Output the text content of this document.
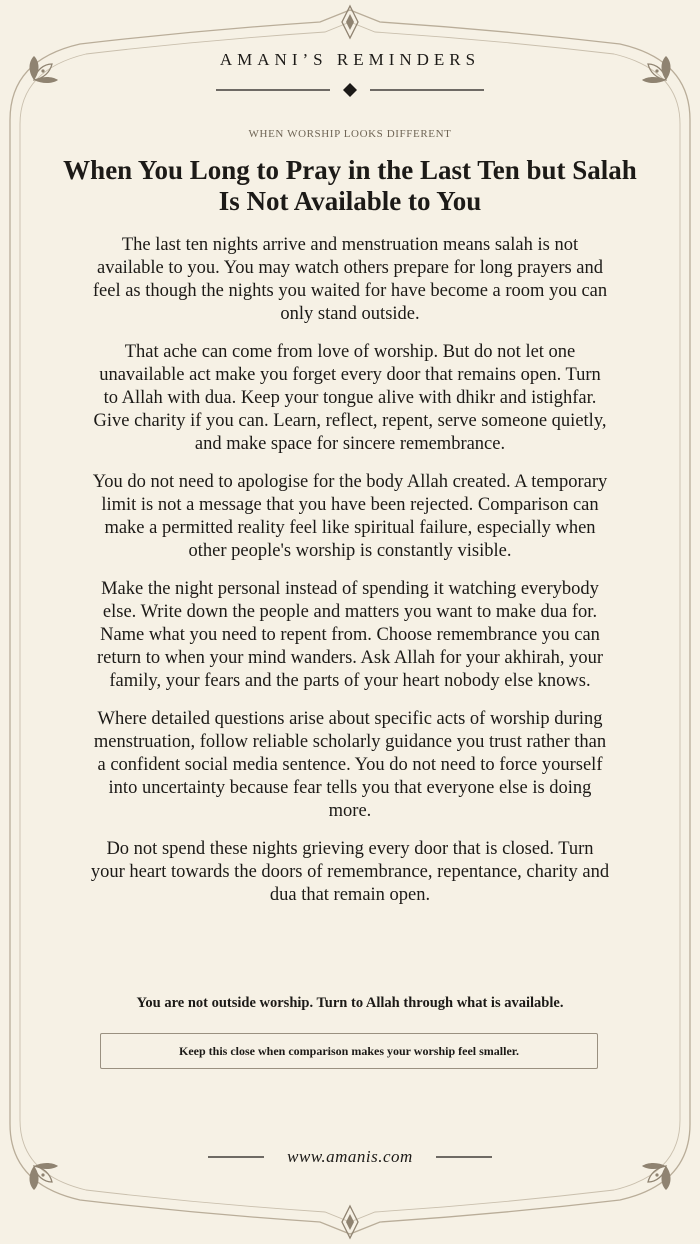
AMANI’S REMINDERS
WHEN WORSHIP LOOKS DIFFERENT
When You Long to Pray in the Last Ten but Salah Is Not Available to You

The last ten nights arrive and menstruation means salah is not available to you. You may watch others prepare for long prayers and feel as though the nights you waited for have become a room you can only stand outside.

That ache can come from love of worship. But do not let one unavailable act make you forget every door that remains open. Turn to Allah with dua. Keep your tongue alive with dhikr and istighfar. Give charity if you can. Learn, reflect, repent, serve someone quietly, and make space for sincere remembrance.

You do not need to apologise for the body Allah created. A temporary limit is not a message that you have been rejected. Comparison can make a permitted reality feel like spiritual failure, especially when other people's worship is constantly visible.

Make the night personal instead of spending it watching everybody else. Write down the people and matters you want to make dua for. Name what you need to repent from. Choose remembrance you can return to when your mind wanders. Ask Allah for your akhirah, your family, your fears and the parts of your heart nobody else knows.

Where detailed questions arise about specific acts of worship during menstruation, follow reliable scholarly guidance you trust rather than a confident social media sentence. You do not need to force yourself into uncertainty because fear tells you that everyone else is doing more.

Do not spend these nights grieving every door that is closed. Turn your heart towards the doors of remembrance, repentance, charity and dua that remain open.

You are not outside worship. Turn to Allah through what is available.
Keep this close when comparison makes your worship feel smaller.
www.amanis.com
